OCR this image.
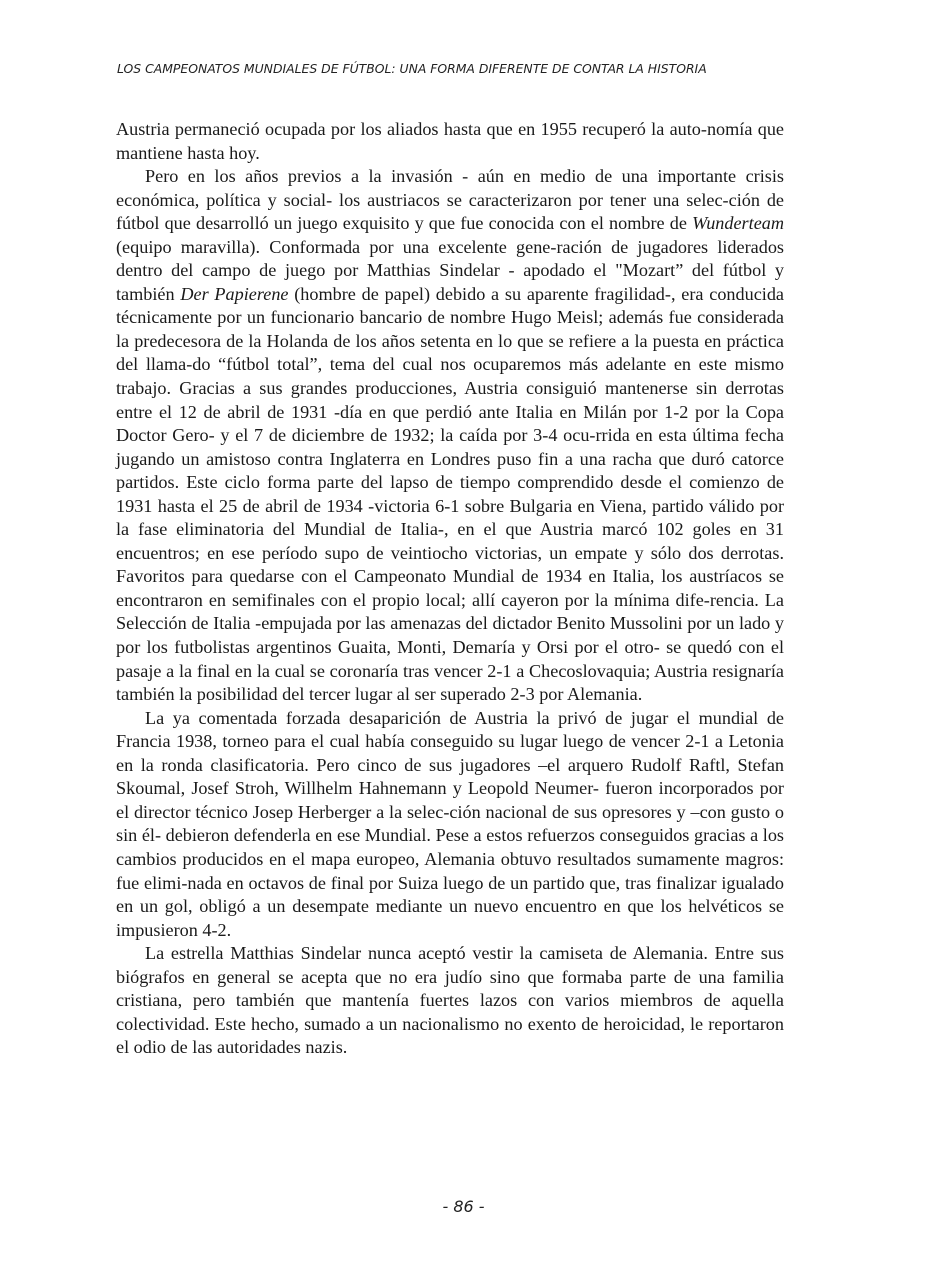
LOS CAMPEONATOS MUNDIALES DE FÚTBOL: UNA FORMA DIFERENTE DE CONTAR LA HISTORIA

Austria permaneció ocupada por los aliados hasta que en 1955 recuperó la auto-nomía que mantiene hasta hoy.

Pero en los años previos a la invasión - aún en medio de una importante crisis económica, política y social- los austriacos se caracterizaron por tener una selec-ción de fútbol que desarrolló un juego exquisito y que fue conocida con el nombre de Wunderteam (equipo maravilla). Conformada por una excelente gene-ración de jugadores liderados dentro del campo de juego por Matthias Sindelar - apodado el "Mozart” del fútbol y también Der Papierene (hombre de papel) debido a su aparente fragilidad-, era conducida técnicamente por un funcionario bancario de nombre Hugo Meisl; además fue considerada la predecesora de la Holanda de los años setenta en lo que se refiere a la puesta en práctica del llama-do “fútbol total”, tema del cual nos ocuparemos más adelante en este mismo trabajo. Gracias a sus grandes producciones, Austria consiguió mantenerse sin derrotas entre el 12 de abril de 1931 -día en que perdió ante Italia en Milán por 1-2 por la Copa Doctor Gero- y el 7 de diciembre de 1932; la caída por 3-4 ocu-rrida en esta última fecha jugando un amistoso contra Inglaterra en Londres puso fin a una racha que duró catorce partidos. Este ciclo forma parte del lapso de tiempo comprendido desde el comienzo de 1931 hasta el 25 de abril de 1934 -victoria 6-1 sobre Bulgaria en Viena, partido válido por la fase eliminatoria del Mundial de Italia-, en el que Austria marcó 102 goles en 31 encuentros; en ese período supo de veintiocho victorias, un empate y sólo dos derrotas. Favoritos para quedarse con el Campeonato Mundial de 1934 en Italia, los austríacos se encontraron en semifinales con el propio local; allí cayeron por la mínima dife-rencia. La Selección de Italia -empujada por las amenazas del dictador Benito Mussolini por un lado y por los futbolistas argentinos Guaita, Monti, Demaría y Orsi por el otro- se quedó con el pasaje a la final en la cual se coronaría tras vencer 2-1 a Checoslovaquia; Austria resignaría también la posibilidad del tercer lugar al ser superado 2-3 por Alemania.

La ya comentada forzada desaparición de Austria la privó de jugar el mundial de Francia 1938, torneo para el cual había conseguido su lugar luego de vencer 2-1 a Letonia en la ronda clasificatoria. Pero cinco de sus jugadores –el arquero Rudolf Raftl, Stefan Skoumal, Josef Stroh, Willhelm Hahnemann y Leopold Neumer- fueron incorporados por el director técnico Josep Herberger a la selec-ción nacional de sus opresores y –con gusto o sin él- debieron defenderla en ese Mundial. Pese a estos refuerzos conseguidos gracias a los cambios producidos en el mapa europeo, Alemania obtuvo resultados sumamente magros: fue elimi-nada en octavos de final por Suiza luego de un partido que, tras finalizar igualado en un gol, obligó a un desempate mediante un nuevo encuentro en que los helvéticos se impusieron 4-2.

La estrella Matthias Sindelar nunca aceptó vestir la camiseta de Alemania. Entre sus biógrafos en general se acepta que no era judío sino que formaba parte de una familia cristiana, pero también que mantenía fuertes lazos con varios miembros de aquella colectividad. Este hecho, sumado a un nacionalismo no exento de heroicidad, le reportaron el odio de las autoridades nazis.

- 86 -
